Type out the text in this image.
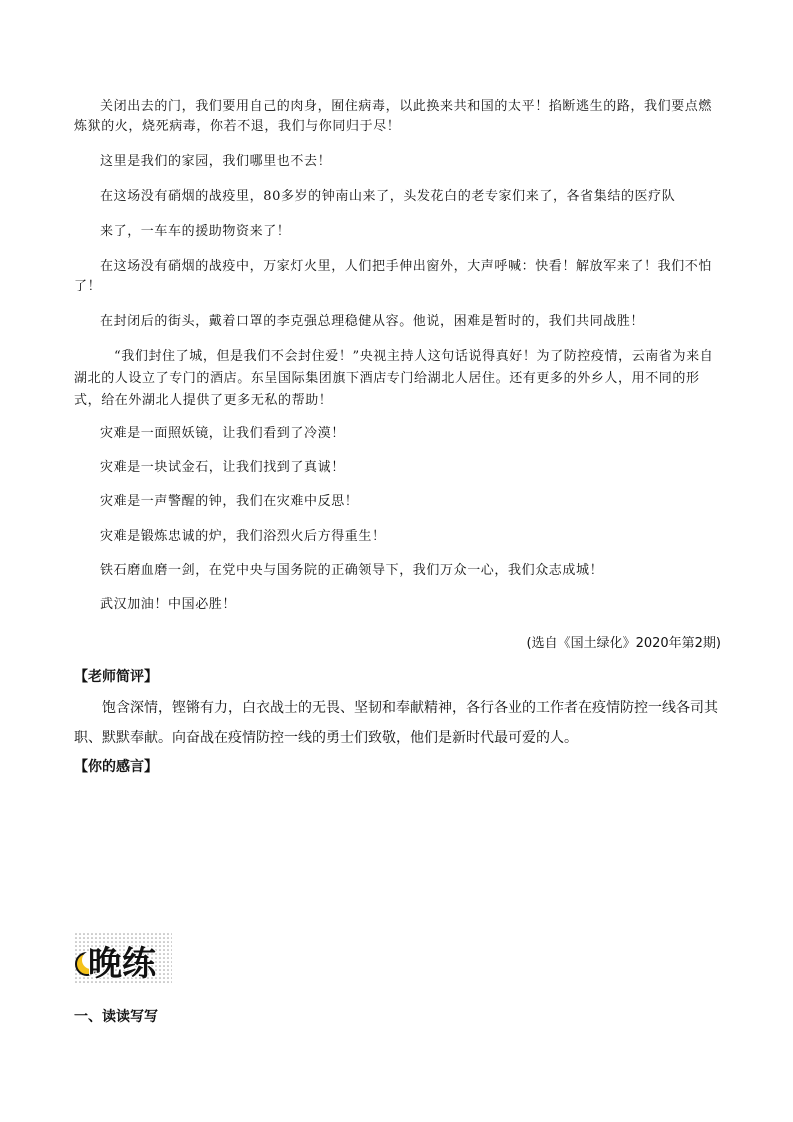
关闭出去的门，我们要用自己的肉身，囿住病毒，以此换来共和国的太平！掐断逃生的路，我们要点燃炼狱的火，烧死病毒，你若不退，我们与你同归于尽！
这里是我们的家园，我们哪里也不去！
在这场没有硝烟的战疫里，80多岁的钟南山来了，头发花白的老专家们来了，各省集结的医疗队
来了，一车车的援助物资来了！
在这场没有硝烟的战疫中，万家灯火里，人们把手伸出窗外，大声呼喊：快看！解放军来了！我们不怕了！
在封闭后的街头，戴着口罩的李克强总理稳健从容。他说，困难是暂时的，我们共同战胜！
“我们封住了城，但是我们不会封住爱！”央视主持人这句话说得真好！为了防控疫情，云南省为来自湖北的人设立了专门的酒店。东呈国际集团旗下酒店专门给湖北人居住。还有更多的外乡人，用不同的形式，给在外湖北人提供了更多无私的帮助！
灾难是一面照妖镜，让我们看到了冷漠！
灾难是一块试金石，让我们找到了真诚！
灾难是一声警醒的钟，我们在灾难中反思！
灾难是锻炼忠诚的炉，我们浴烈火后方得重生！
铁石磨血磨一剑，在党中央与国务院的正确领导下，我们万众一心，我们众志成城！
武汉加油！中国必胜！
(选自《国土绿化》2020年第2期)
【老师简评】
饱含深情，铿锵有力，白衣战士的无畏、坚韧和奉献精神，各行各业的工作者在疫情防控一线各司其职、默默奉献。向奋战在疫情防控一线的勇士们致敬，他们是新时代最可爱的人。
【你的感言】
晚练
一、读读写写
